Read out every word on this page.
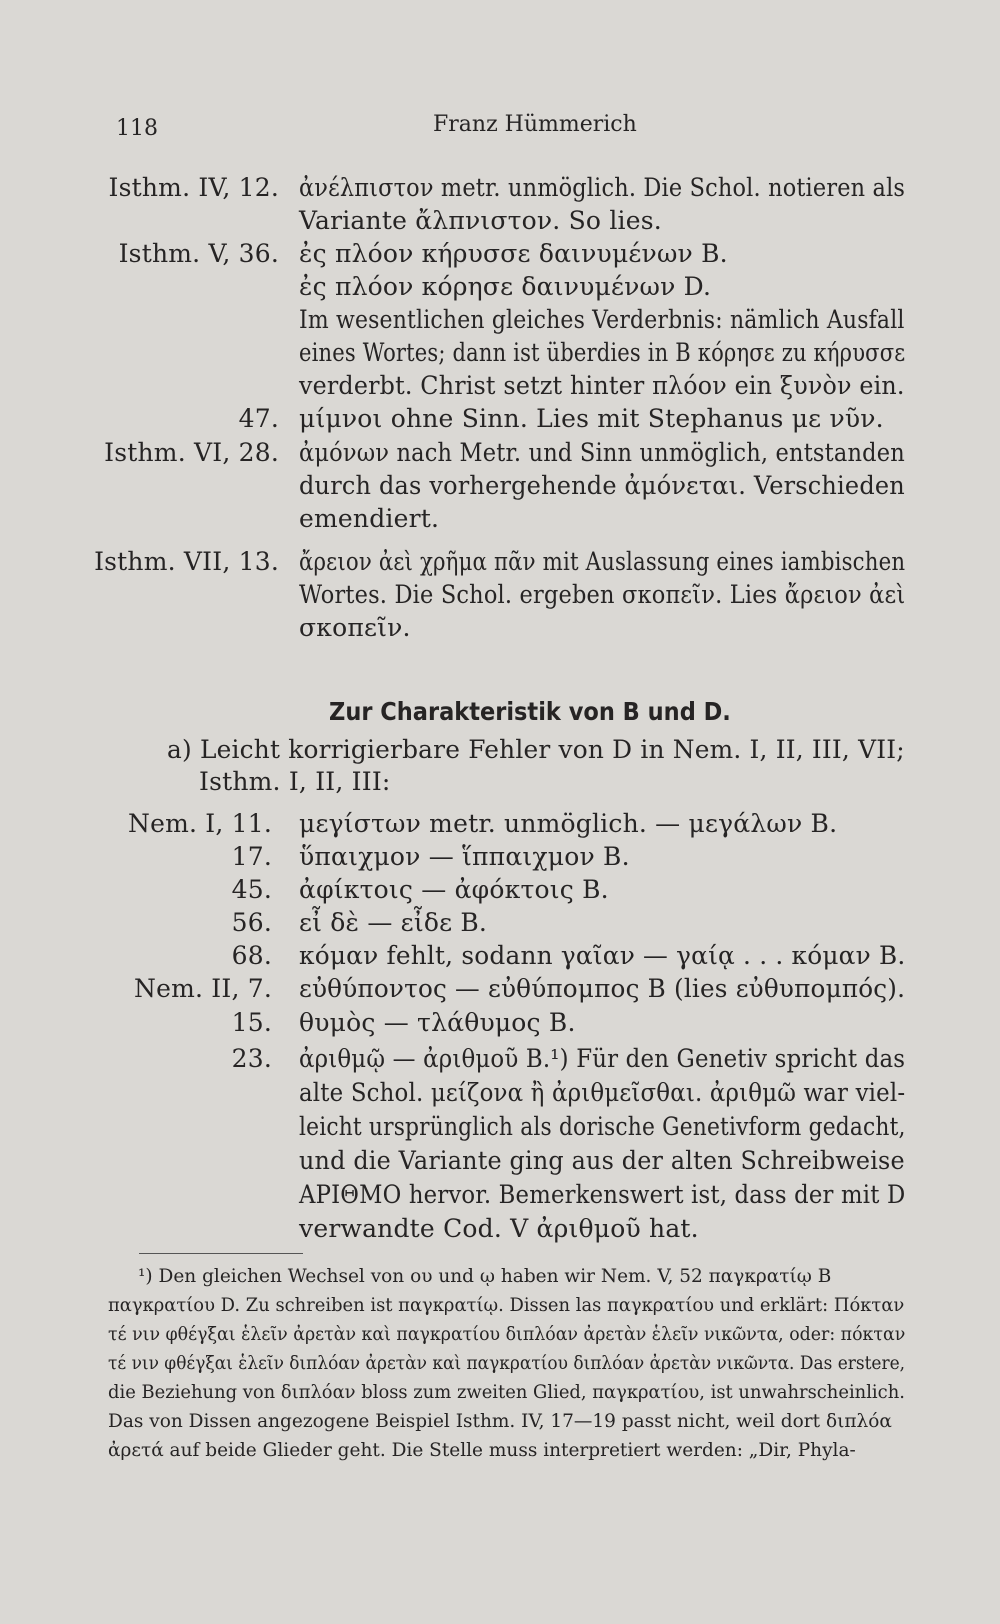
118	Franz Hümmerich
Isthm. IV, 12. ἀνέλπιστον metr. unmöglich. Die Schol. notieren als
Variante ἄλπνιστον. So lies.
Isthm. V, 36. ἐς πλόον κήρυσσε δαινυμένων B.
ἐς πλόον κόρησε δαινυμένων D.
Im wesentlichen gleiches Verderbnis: nämlich Ausfall
eines Wortes; dann ist überdies in B κόρησε zu κήρυσσε
verderbt. Christ setzt hinter πλόον ein ξυνὸν ein.
47. μίμνοι ohne Sinn. Lies mit Stephanus με νῦν.
Isthm. VI, 28. ἀμόνων nach Metr. und Sinn unmöglich, entstanden
durch das vorhergehende ἀμόνεται. Verschieden
emendiert.
Isthm. VII, 13. ἄρειον ἀεὶ χρῆμα πᾶν mit Auslassung eines iambischen
Wortes. Die Schol. ergeben σκοπεῖν. Lies ἄρειον ἀεὶ
σκοπεῖν.
Zur Charakteristik von B und D.
a) Leicht korrigierbare Fehler von D in Nem. I, II, III, VII;
Isthm. I, II, III:
Nem. I, 11. μεγίστων metr. unmöglich. — μεγάλων B.
17. ὕπαιχμον — ἵππαιχμον B.
45. ἀφίκτοις — ἀφόκτοις B.
56. εἶ δὲ — εἶδε B.
68. κόμαν fehlt, sodann γαῖαν — γαίᾳ . . . κόμαν B.
Nem. II, 7. εὐθύποντος — εὐθύπομπος B (lies εὐθυπομπός).
15. θυμὸς — τλάθυμος B.
23. ἀριθμῷ — ἀριθμοῦ B.¹) Für den Genetiv spricht das
alte Schol. μείζονα ἢ ἀριθμεῖσθαι. ἀριθμῶ war viel-
leicht ursprünglich als dorische Genetivform gedacht,
und die Variante ging aus der alten Schreibweise
ΑΡΙΘΜΟ hervor. Bemerkenswert ist, dass der mit D
verwandte Cod. V ἀριθμοῦ hat.
¹) Den gleichen Wechsel von ου und ῳ haben wir Nem. V, 52 παγκρατίῳ B
παγκρατίου D. Zu schreiben ist παγκρατίῳ. Dissen las παγκρατίου und erklärt: Πόκταν
τέ νιν φθέγξαι ἑλεῖν ἀρετὰν καὶ παγκρατίου διπλόαν ἀρετὰν ἑλεῖν νικῶντα, oder: πόκταν
τέ νιν φθέγξαι ἑλεῖν διπλόαν ἀρετὰν καὶ παγκρατίου διπλόαν ἀρετὰν νικῶντα. Das erstere,
die Beziehung von διπλόαν bloss zum zweiten Glied, παγκρατίου, ist unwahrscheinlich.
Das von Dissen angezogene Beispiel Isthm. IV, 17—19 passt nicht, weil dort διπλόα
ἀρετά auf beide Glieder geht. Die Stelle muss interpretiert werden: „Dir, Phyla-
